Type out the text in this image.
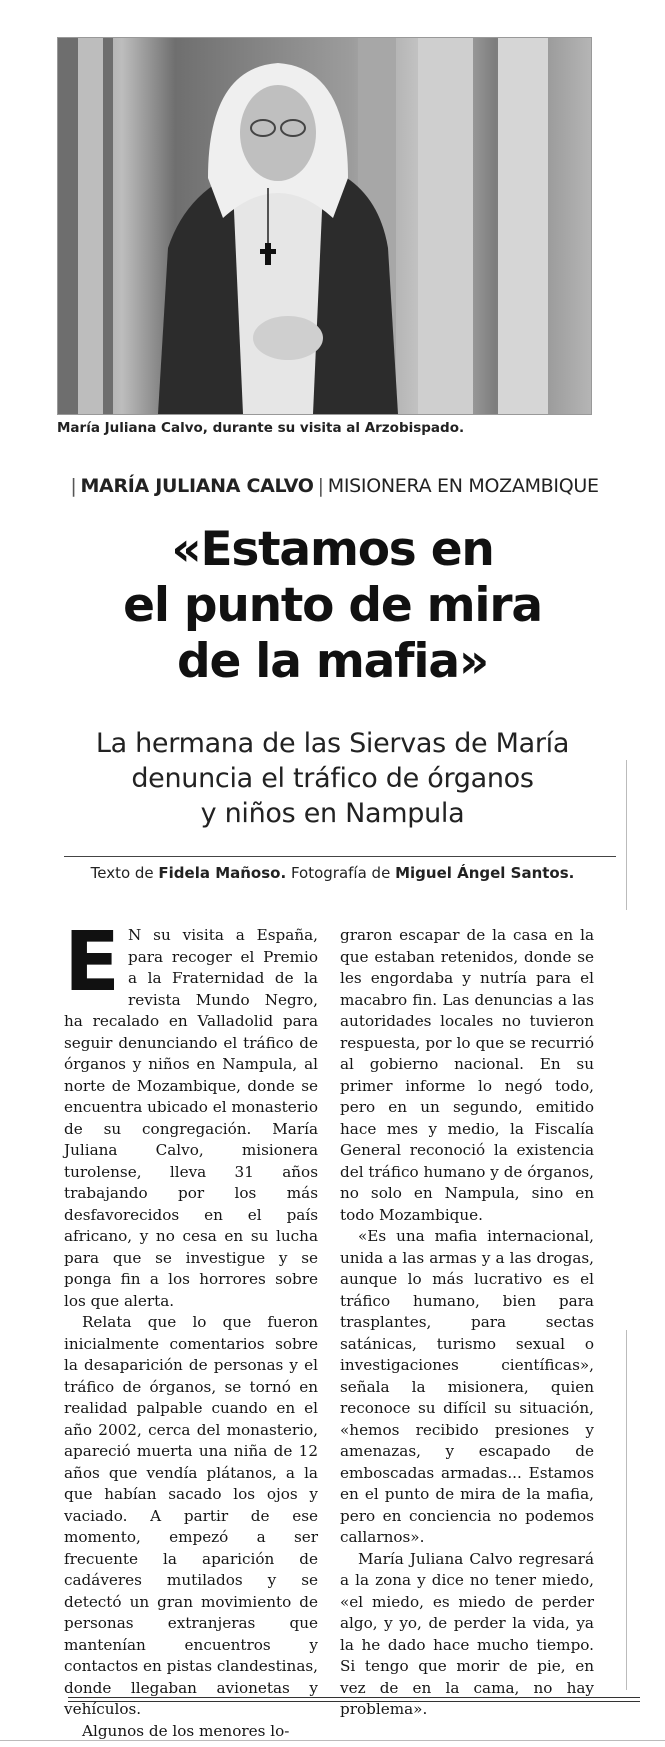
María Juliana Calvo, durante su visita al Arzobispado.
| MARÍA JULIANA CALVO | MISIONERA EN MOZAMBIQUE
«Estamos en
el punto de mira
de la mafia»
La hermana de las Siervas de María
denuncia el tráfico de órganos
y niños en Nampula
Texto de Fidela Mañoso. Fotografía de Miguel Ángel Santos.

E N su visita a España, para recoger el Premio a la Fraternidad de la revista Mundo Negro, ha recalado en Valladolid para seguir denunciando el tráfico de órganos y niños en Nampula, al norte de Mozambique, donde se encuentra ubicado el monasterio de su congregación. María Juliana Calvo, misionera turolense, lleva 31 años trabajando por los más desfavorecidos en el país africano, y no cesa en su lucha para que se investigue y se ponga fin a los horrores sobre los que alerta.

Relata que lo que fueron inicialmente comentarios sobre la desaparición de personas y el tráfico de órganos, se tornó en realidad palpable cuando en el año 2002, cerca del monasterio, apareció muerta una niña de 12 años que vendía plátanos, a la que habían sacado los ojos y vaciado. A partir de ese momento, empezó a ser frecuente la aparición de cadáveres mutilados y se detectó un gran movimiento de personas extranjeras que mantenían encuentros y contactos en pistas clandestinas, donde llegaban avionetas y vehículos.

Algunos de los menores lo-

graron escapar de la casa en la que estaban retenidos, donde se les engordaba y nutría para el macabro fin. Las denuncias a las autoridades locales no tuvieron respuesta, por lo que se recurrió al gobierno nacional. En su primer informe lo negó todo, pero en un segundo, emitido hace mes y medio, la Fiscalía General reconoció la existencia del tráfico humano y de órganos, no solo en Nampula, sino en todo Mozambique.

«Es una mafia internacional, unida a las armas y a las drogas, aunque lo más lucrativo es el tráfico humano, bien para trasplantes, para sectas satánicas, turismo sexual o investigaciones científicas», señala la misionera, quien reconoce su difícil su situación, «hemos recibido presiones y amenazas, y escapado de emboscadas armadas... Estamos en el punto de mira de la mafia, pero en conciencia no podemos callarnos».

María Juliana Calvo regresará a la zona y dice no tener miedo, «el miedo, es miedo de perder algo, y yo, de perder la vida, ya la he dado hace mucho tiempo. Si tengo que morir de pie, en vez de en la cama, no hay problema».
